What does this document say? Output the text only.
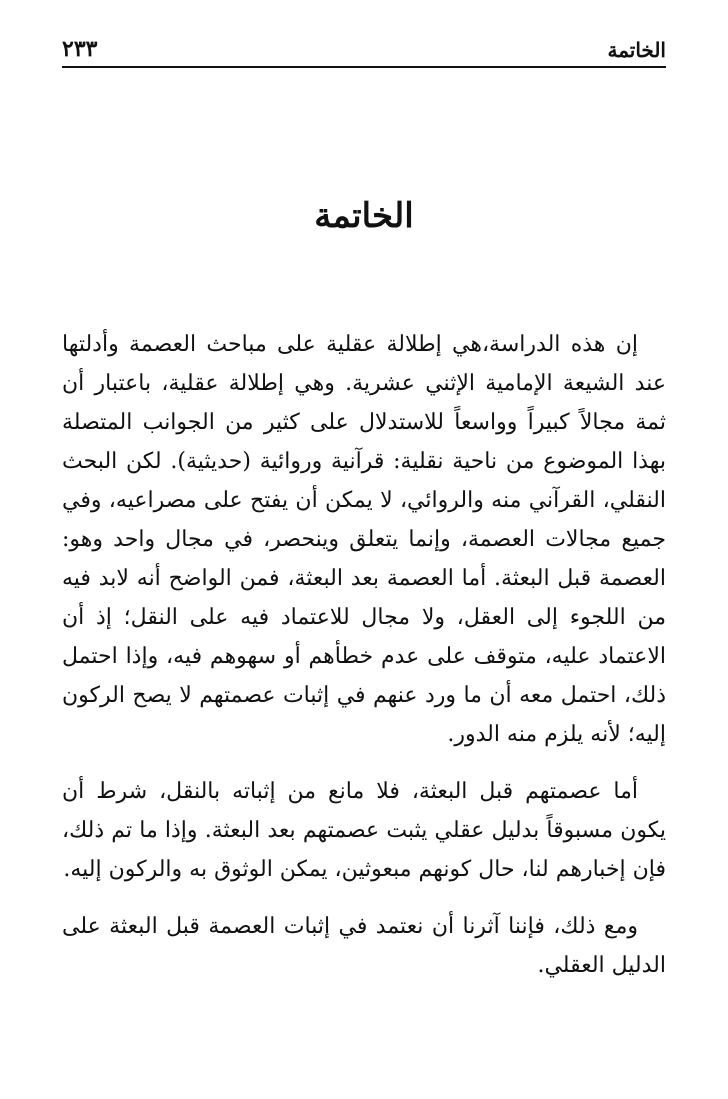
الخاتمة
٢٣٣
الخاتمة

إن هذه الدراسة،هي إطلالة عقلية على مباحث العصمة وأدلتها عند الشيعة الإمامية الإثني عشرية. وهي إطلالة عقلية، باعتبار أن ثمة مجالاً كبيراً وواسعاً للاستدلال على كثير من الجوانب المتصلة بهذا الموضوع من ناحية نقلية: قرآنية وروائية (حديثية). لكن البحث النقلي، القرآني منه والروائي، لا يمكن أن يفتح على مصراعيه، وفي جميع مجالات العصمة، وإنما يتعلق وينحصر، في مجال واحد وهو: العصمة قبل البعثة. أما العصمة بعد البعثة، فمن الواضح أنه لابد فيه من اللجوء إلى العقل، ولا مجال للاعتماد فيه على النقل؛ إذ أن الاعتماد عليه، متوقف على عدم خطأهم أو سهوهم فيه، وإذا احتمل ذلك، احتمل معه أن ما ورد عنهم في إثبات عصمتهم لا يصح الركون إليه؛ لأنه يلزم منه الدور.

أما عصمتهم قبل البعثة، فلا مانع من إثباته بالنقل، شرط أن يكون مسبوقاً بدليل عقلي يثبت عصمتهم بعد البعثة. وإذا ما تم ذلك، فإن إخبارهم لنا، حال كونهم مبعوثين، يمكن الوثوق به والركون إليه.

ومع ذلك، فإننا آثرنا أن نعتمد في إثبات العصمة قبل البعثة على الدليل العقلي.
